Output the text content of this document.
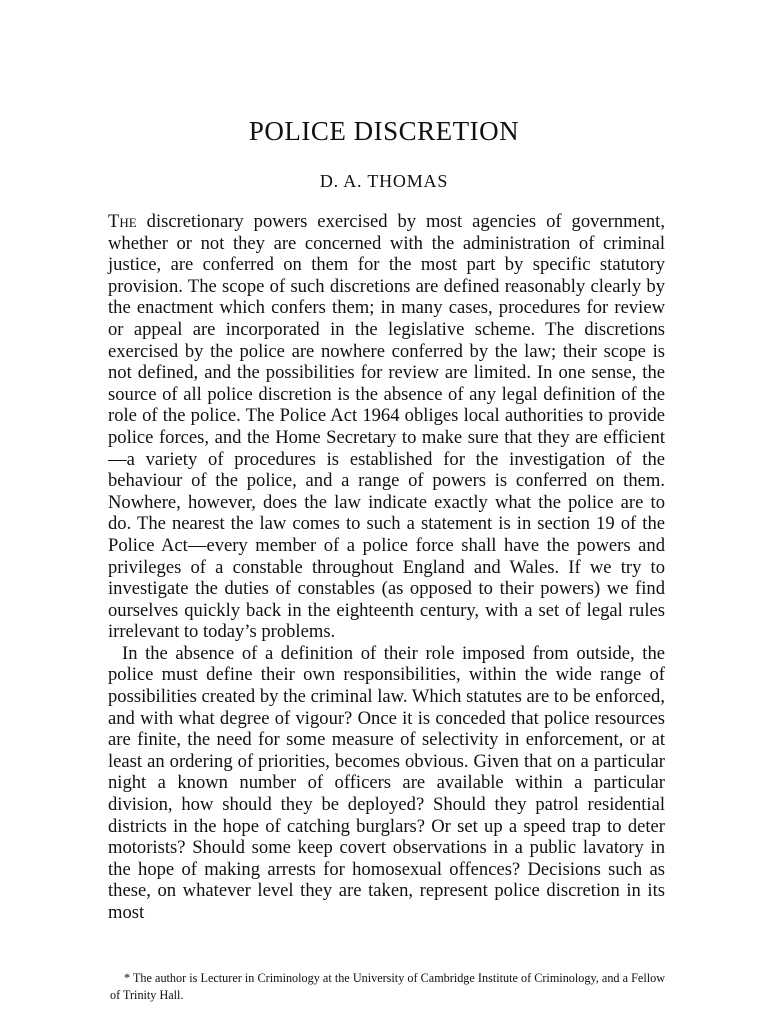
POLICE DISCRETION
D. A. THOMAS

The discretionary powers exercised by most agencies of government, whether or not they are concerned with the administration of criminal justice, are conferred on them for the most part by specific statutory provision. The scope of such discretions are defined reasonably clearly by the enactment which confers them; in many cases, procedures for review or appeal are incorporated in the legislative scheme. The discretions exercised by the police are nowhere conferred by the law; their scope is not defined, and the possibilities for review are limited. In one sense, the source of all police discretion is the absence of any legal definition of the role of the police. The Police Act 1964 obliges local authorities to provide police forces, and the Home Secretary to make sure that they are efficient—a variety of procedures is established for the investigation of the behaviour of the police, and a range of powers is conferred on them. Nowhere, however, does the law indicate exactly what the police are to do. The nearest the law comes to such a statement is in section 19 of the Police Act—every member of a police force shall have the powers and privileges of a constable throughout England and Wales. If we try to investigate the duties of constables (as opposed to their powers) we find ourselves quickly back in the eighteenth century, with a set of legal rules irrelevant to today’s problems.

In the absence of a definition of their role imposed from outside, the police must define their own responsibilities, within the wide range of possibilities created by the criminal law. Which statutes are to be enforced, and with what degree of vigour? Once it is conceded that police resources are finite, the need for some measure of selectivity in enforcement, or at least an ordering of priorities, becomes obvious. Given that on a particular night a known number of officers are available within a particular division, how should they be deployed? Should they patrol residential districts in the hope of catching burglars? Or set up a speed trap to deter motorists? Should some keep covert observations in a public lavatory in the hope of making arrests for homosexual offences? Decisions such as these, on whatever level they are taken, represent police discretion in its most

* The author is Lecturer in Criminology at the University of Cambridge Institute of Criminology, and a Fellow of Trinity Hall.
